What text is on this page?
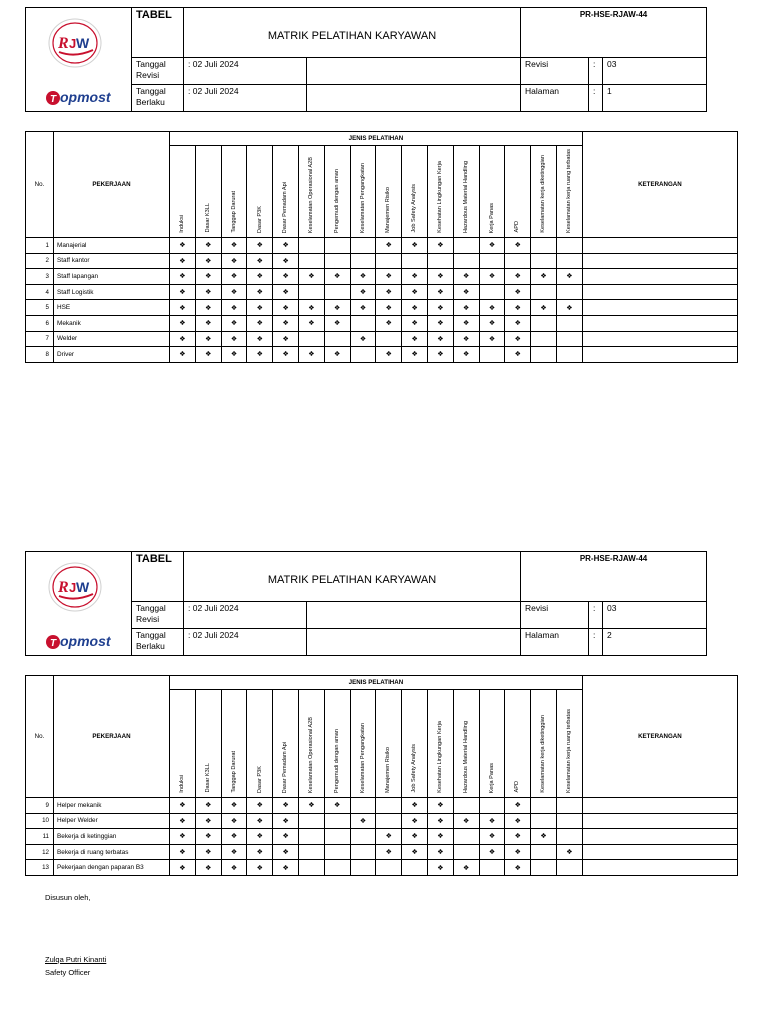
R J W
T opmost	TABEL	MATRIK PELATIHAN KARYAWAN		PR-HSE-RJAW-44		
	Tanggal Revisi	: 02 Juli 2024		Revisi	:	03
	Tanggal Berlaku	: 02 Juli 2024		Halaman	:	1
No.	PEKERJAAN	JENIS PELATIHAN																KETERANGAN
		Induksi	Dasar K3LL	Tanggap Darurat	Dasar P3K	Dasar Pemadam Api	Keselamatan Operasional A2B	Pengemudi dengan aman	Keselamatan Pengangkatan	Manajemen Risiko	Job Safety Analysis	Kesehatan Lingkungan Kerja	Hazardous Material Handling	Kerja Panas	APD	Keselamatan kerja diketinggian	Keselamatan kerja ruang terbatas	
1	Manajerial	❖	❖	❖	❖	❖				❖	❖	❖		❖	❖			
2	Staff kantor	❖	❖	❖	❖	❖												
3	Staff lapangan	❖	❖	❖	❖	❖	❖	❖	❖	❖	❖	❖	❖	❖	❖	❖	❖	
4	Staff Logistik	❖	❖	❖	❖	❖			❖	❖	❖	❖	❖		❖			
5	HSE	❖	❖	❖	❖	❖	❖	❖	❖	❖	❖	❖	❖	❖	❖	❖	❖	
6	Mekanik	❖	❖	❖	❖	❖	❖	❖		❖	❖	❖	❖	❖	❖			
7	Welder	❖	❖	❖	❖	❖			❖		❖	❖	❖	❖	❖			
8	Driver	❖	❖	❖	❖	❖	❖	❖		❖	❖	❖	❖		❖			
R J W
T opmost	TABEL	MATRIK PELATIHAN KARYAWAN		PR-HSE-RJAW-44		
	Tanggal Revisi	: 02 Juli 2024		Revisi	:	03
	Tanggal Berlaku	: 02 Juli 2024		Halaman	:	2
No.	PEKERJAAN	JENIS PELATIHAN																KETERANGAN
		Induksi	Dasar K3LL	Tanggap Darurat	Dasar P3K	Dasar Pemadam Api	Keselamatan Operasional A2B	Pengemudi dengan aman	Keselamatan Pengangkatan	Manajemen Risiko	Job Safety Analysis	Kesehatan Lingkungan Kerja	Hazardous Material Handling	Kerja Panas	APD	Keselamatan kerja diketinggian	Keselamatan kerja ruang terbatas	
9	Helper mekanik	❖	❖	❖	❖	❖	❖	❖			❖	❖			❖			
10	Helper Welder	❖	❖	❖	❖	❖			❖		❖	❖	❖	❖	❖			
11	Bekerja di ketinggian	❖	❖	❖	❖	❖				❖	❖	❖		❖	❖	❖		
12	Bekerja di ruang terbatas	❖	❖	❖	❖	❖				❖	❖	❖		❖	❖		❖	
13	Pekerjaan dengan paparan B3	❖	❖	❖	❖	❖						❖	❖		❖			
Disusun oleh,
Zulqa Putri Kinanti
Safety Officer
